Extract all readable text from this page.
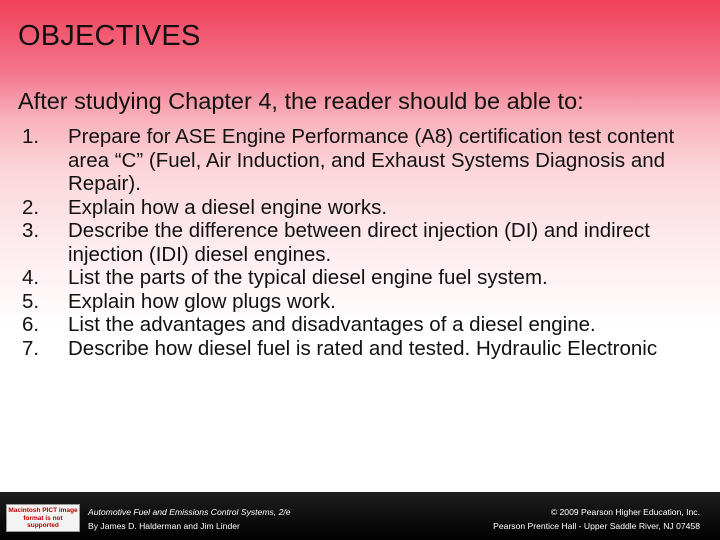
OBJECTIVES
After studying Chapter 4, the reader should be able to:
1.	Prepare for ASE Engine Performance (A8) certification test content area “C” (Fuel, Air Induction, and Exhaust Systems Diagnosis and Repair).
2.	Explain how a diesel engine works.
3.	Describe the difference between direct injection (DI) and indirect injection (IDI) diesel engines.
4.	List the parts of the typical diesel engine fuel system.
5.	Explain how glow plugs work.
6.	List the advantages and disadvantages of a diesel engine.
7.	Describe how diesel fuel is rated and tested. Hydraulic Electronic
Macintosh PICT image format is not supported
Automotive Fuel and Emissions Control Systems, 2/e
By James D. Halderman and Jim Linder
© 2009 Pearson Higher Education, Inc.
Pearson Prentice Hall - Upper Saddle River, NJ 07458
